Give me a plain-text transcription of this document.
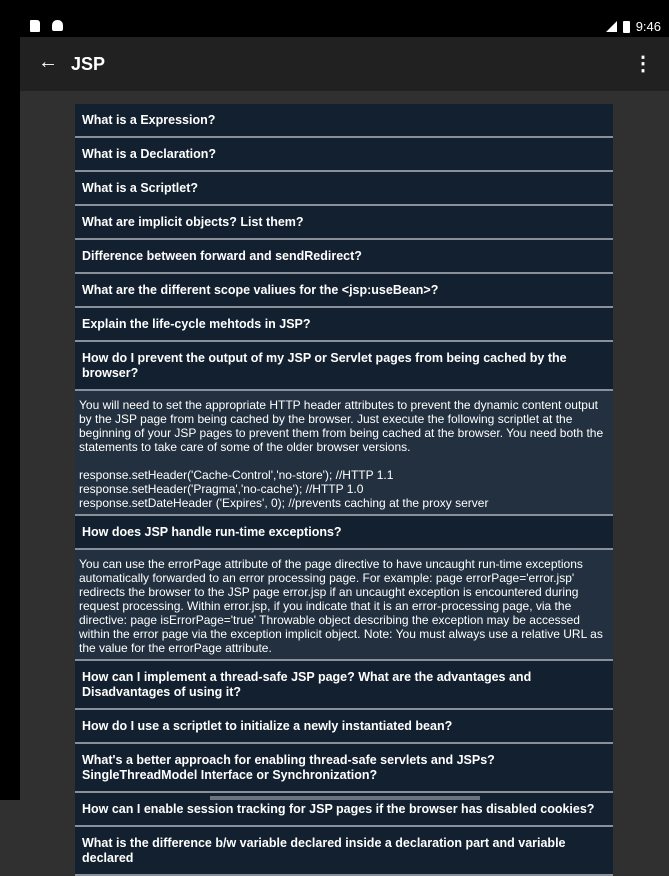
9:46
← JSP	⋮
What is a Expression?
What is a Declaration?
What is a Scriptlet?
What are implicit objects? List them?
Difference between forward and sendRedirect?
What are the different scope valiues for the <jsp:useBean>?
Explain the life-cycle mehtods in JSP?
How do I prevent the output of my JSP or Servlet pages from being cached by the browser?
You will need to set the appropriate HTTP header attributes to prevent the dynamic content output by the JSP page from being cached by the browser. Just execute the following scriptlet at the beginning of your JSP pages to prevent them from being cached at the browser. You need both the statements to take care of some of the older browser versions.

response.setHeader('Cache-Control','no-store'); //HTTP 1.1
response.setHeader('Pragma','no-cache'); //HTTP 1.0
response.setDateHeader ('Expires', 0); //prevents caching at the proxy server
How does JSP handle run-time exceptions?
You can use the errorPage attribute of the page directive to have uncaught run-time exceptions automatically forwarded to an error processing page. For example: page errorPage='error.jsp' redirects the browser to the JSP page error.jsp if an uncaught exception is encountered during request processing. Within error.jsp, if you indicate that it is an error-processing page, via the directive: page isErrorPage='true' Throwable object describing the exception may be accessed within the error page via the exception implicit object. Note: You must always use a relative URL as the value for the errorPage attribute.
How can I implement a thread-safe JSP page? What are the advantages and Disadvantages of using it?
How do I use a scriptlet to initialize a newly instantiated bean?
What's a better approach for enabling thread-safe servlets and JSPs? SingleThreadModel Interface or Synchronization?
How can I enable session tracking for JSP pages if the browser has disabled cookies?
What is the difference b/w variable declared inside a declaration part and variable declared
